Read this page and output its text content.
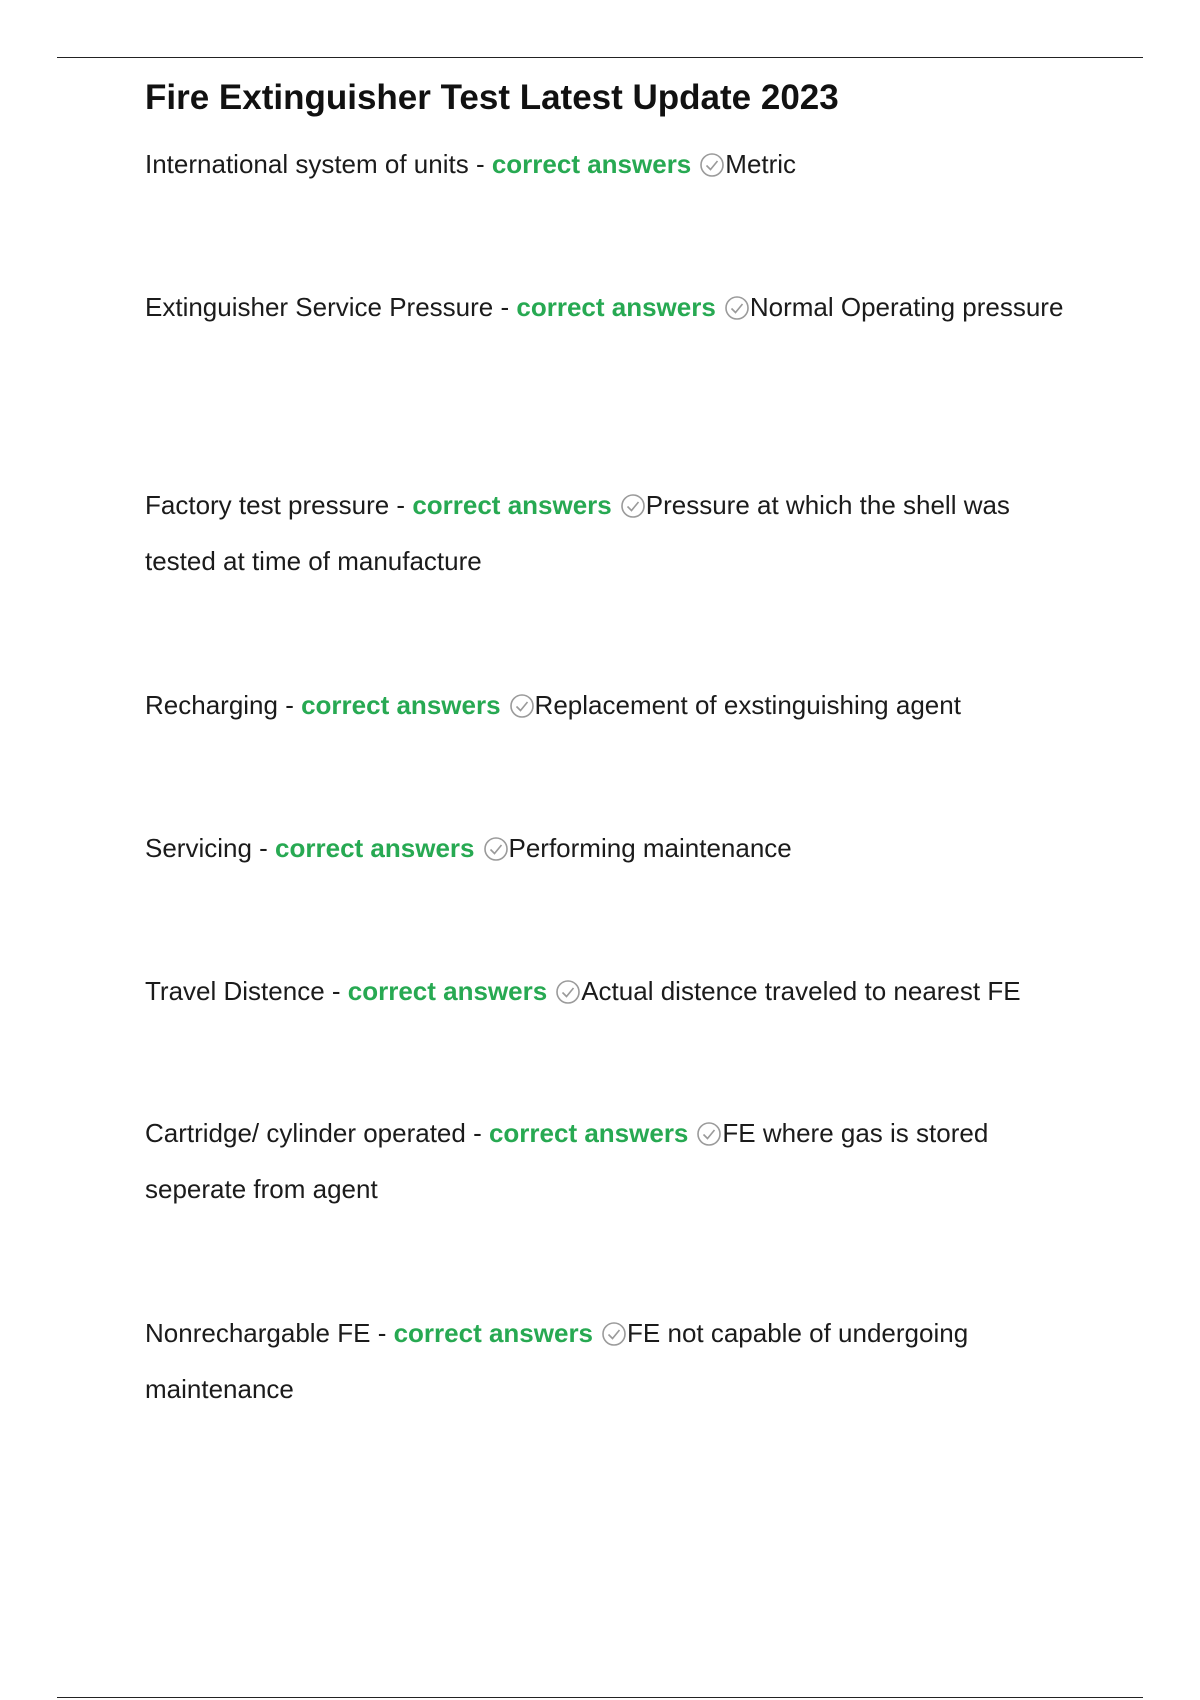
Fire Extinguisher Test Latest Update 2023

International system of units - correct answers Metric

Extinguisher Service Pressure - correct answers Normal Operating pressure

Factory test pressure - correct answers Pressure at which the shell was tested at time of manufacture

Recharging - correct answers Replacement of exstinguishing agent

Servicing - correct answers Performing maintenance

Travel Distence - correct answers Actual distence traveled to nearest FE

Cartridge/ cylinder operated - correct answers FE where gas is stored seperate from agent

Nonrechargable FE - correct answers FE not capable of undergoing maintenance
